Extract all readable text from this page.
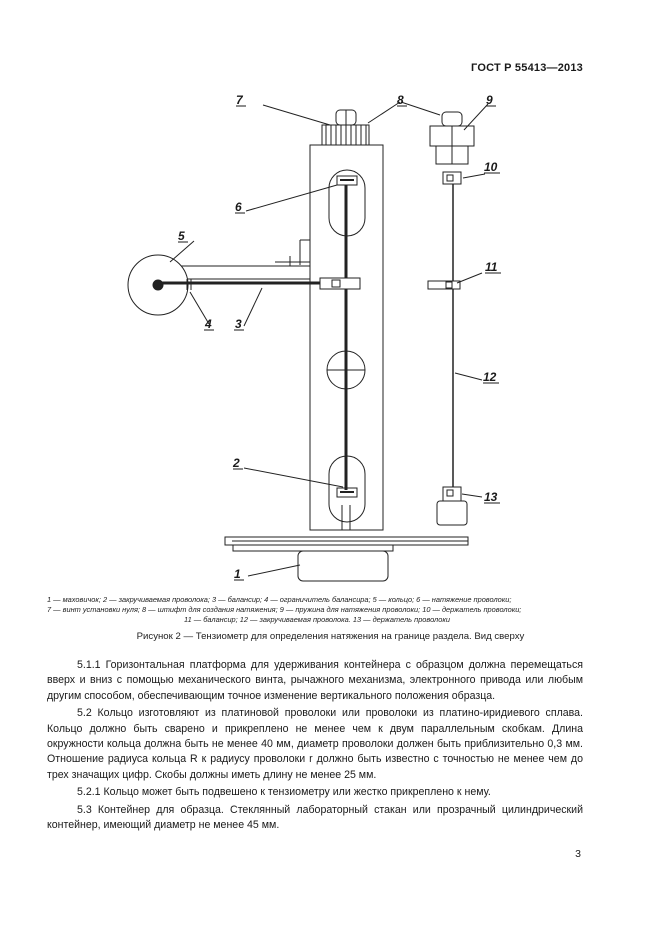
ГОСТ Р 55413—2013
7	8	9
10
6
5
4 3
11
12
2
13
1
1 — маховичок; 2 — закручиваемая проволока; 3 — балансир; 4 — ограничитель балансира; 5 — кольцо; 6 — натяжение проволоки;
7 — винт установки нуля; 8 — штифт для создания натяжения; 9 — пружина для натяжения проволоки; 10 — держатель проволоки;
11 — балансир; 12 — закручиваемая проволока. 13 — держатель проволоки
Рисунок 2 — Тензиометр для определения натяжения на границе раздела. Вид сверху

5.1.1 Горизонтальная платформа для удерживания контейнера с образцом должна перемещаться вверх и вниз с помощью механического винта, рычажного механизма, электронного привода или любым другим способом, обеспечивающим точное изменение вертикального положения образца.

5.2 Кольцо изготовляют из платиновой проволоки или проволоки из платино-иридиевого сплава. Кольцо должно быть сварено и прикреплено не менее чем к двум параллельным скобкам. Длина окружности кольца должна быть не менее 40 мм, диаметр проволоки должен быть приблизительно 0,3 мм. Отношение радиуса кольца R к радиусу проволоки r должно быть известно с точностью не менее чем до трех значащих цифр. Скобы должны иметь длину не менее 25 мм.

5.2.1 Кольцо может быть подвешено к тензиометру или жестко прикреплено к нему.

5.3 Контейнер для образца. Стеклянный лабораторный стакан или прозрачный цилиндрический контейнер, имеющий диаметр не менее 45 мм.

3
